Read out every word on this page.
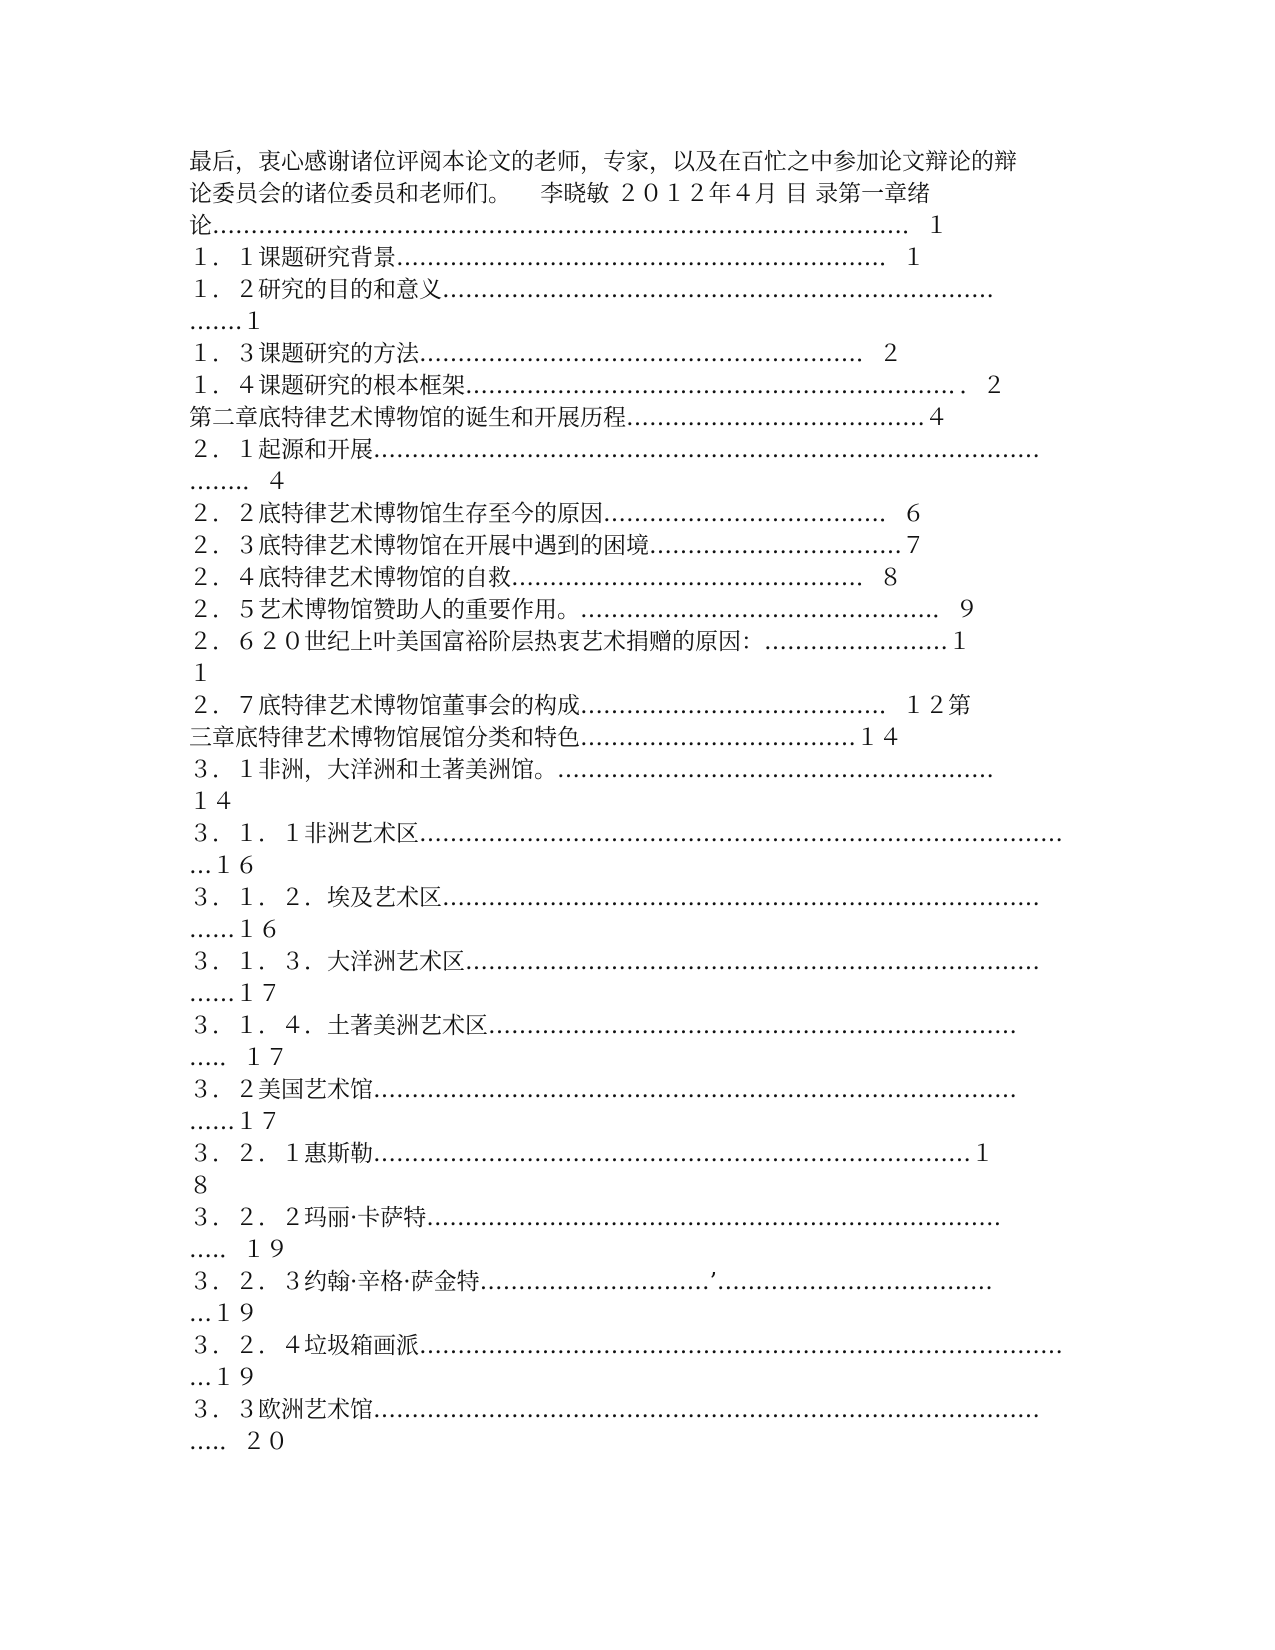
最后，衷心感谢诸位评阅本论文的老师，专家，以及在百忙之中参加论文辩论的辩
论委员会的诸位委员和老师们。    李晓敏 ２０１２年４月 目 录第一章绪
论………………………………………………………………………………．１
１．１课题研究背景………………………………………………………．１
１．２研究的目的和意义………………………………………………………………
…….１
１．３课题研究的方法…………………………………………………．２
１．４课题研究的根本框架………………………………………………………．．２
第二章底特律艺术博物馆的诞生和开展历程…………………………………４
２．１起源和开展……………………………………………………………………………
…….．４
２．２底特律艺术博物馆生存至今的原因………………………………．６
２．３底特律艺术博物馆在开展中遇到的困境……………………………７
２．４底特律艺术博物馆的自救………………………………………．８
２．５艺术博物馆赞助人的重要作用。……………………………………….．９
２．６２０世纪上叶美国富裕阶层热衷艺术捐赠的原因：……………………１
１
２．７底特律艺术博物馆董事会的构成…………………………………．１２第
三章底特律艺术博物馆展馆分类和特色………………………………１４
３．１非洲，大洋洲和土著美洲馆。…………………………………………………
１４
３．１．１非洲艺术区…………………………………………………………………………
…１６
３．１．２．埃及艺术区……………………………………………………………………
……１６
３．１．３．大洋洲艺术区…………………………………………………………………
……１７
３．１．４．土著美洲艺术区……………………………………………………………
….．１７
３．２美国艺术馆…………………………………………………………………………
……１７
３．２．１惠斯勒……………………………………………………………………１
８
３．２．２玛丽·卡萨特…………………………………………………………………
….．１９
３．２．３约翰·辛格·萨金特…………………………’………………………………
…１９
３．２．４垃圾箱画派…………………………………………………………………………
…１９
３．３欧洲艺术馆……………………………………………………………………………
….．２０
